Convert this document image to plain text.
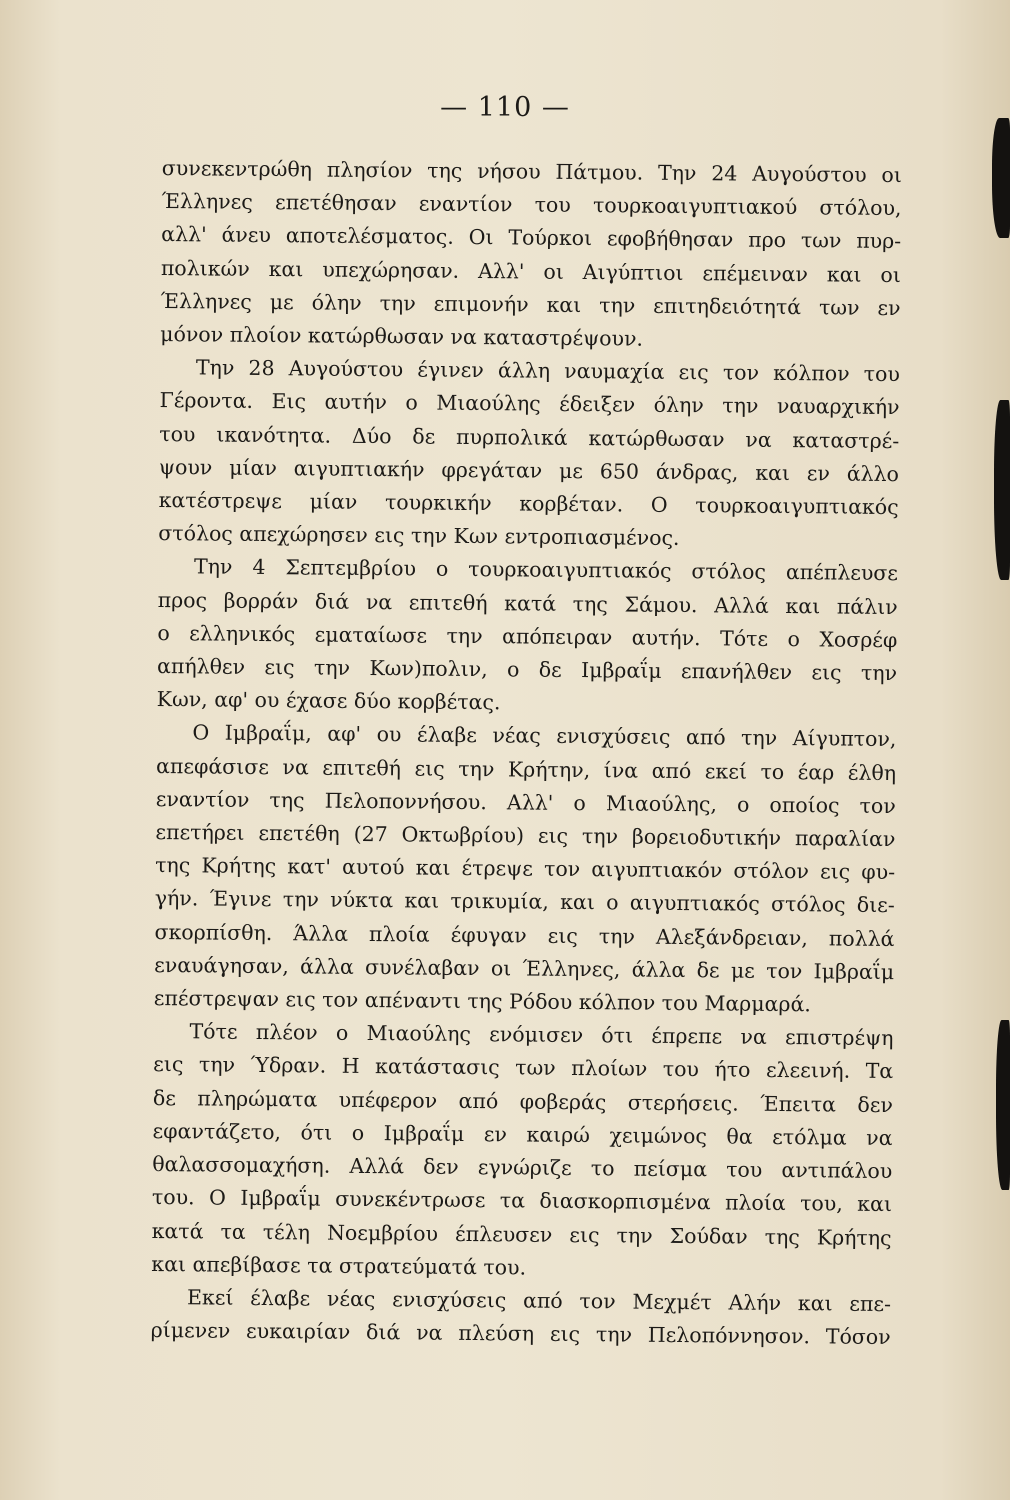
— 110 —
συνεκεντρώθη πλησίον της νήσου Πάτμου. Την 24 Αυγούστου οι
Έλληνες επετέθησαν εναντίον του τουρκοαιγυπτιακού στόλου,
αλλ' άνευ αποτελέσματος. Οι Τούρκοι εφοβήθησαν προ των πυρ-
πολικών και υπεχώρησαν. Αλλ' οι Αιγύπτιοι επέμειναν και οι
Έλληνες με όλην την επιμονήν και την επιτηδειότητά των εν
μόνον πλοίον κατώρθωσαν να καταστρέψουν.
Την 28 Αυγούστου έγινεν άλλη ναυμαχία εις τον κόλπον του
Γέροντα. Εις αυτήν ο Μιαούλης έδειξεν όλην την ναυαρχικήν
του ικανότητα. Δύο δε πυρπολικά κατώρθωσαν να καταστρέ-
ψουν μίαν αιγυπτιακήν φρεγάταν με 650 άνδρας, και εν άλλο
κατέστρεψε μίαν τουρκικήν κορβέταν. Ο τουρκοαιγυπτιακός
στόλος απεχώρησεν εις την Κων εντροπιασμένος.
Την 4 Σεπτεμβρίου ο τουρκοαιγυπτιακός στόλος απέπλευσε
προς βορράν διά να επιτεθή κατά της Σάμου. Αλλά και πάλιν
ο ελληνικός εματαίωσε την απόπειραν αυτήν. Τότε ο Χοσρέφ
απήλθεν εις την Κων)πολιν, ο δε Ιμβραΐμ επανήλθεν εις την
Κων, αφ' ου έχασε δύο κορβέτας.
Ο Ιμβραΐμ, αφ' ου έλαβε νέας ενισχύσεις από την Αίγυπτον,
απεφάσισε να επιτεθή εις την Κρήτην, ίνα από εκεί το έαρ έλθη
εναντίον της Πελοποννήσου. Αλλ' ο Μιαούλης, ο οποίος τον
επετήρει επετέθη (27 Οκτωβρίου) εις την βορειοδυτικήν παραλίαν
της Κρήτης κατ' αυτού και έτρεψε τον αιγυπτιακόν στόλον εις φυ-
γήν. Έγινε την νύκτα και τρικυμία, και ο αιγυπτιακός στόλος διε-
σκορπίσθη. Άλλα πλοία έφυγαν εις την Αλεξάνδρειαν, πολλά
εναυάγησαν, άλλα συνέλαβαν οι Έλληνες, άλλα δε με τον Ιμβραΐμ
επέστρεψαν εις τον απέναντι της Ρόδου κόλπον του Μαρμαρά.
Τότε πλέον ο Μιαούλης ενόμισεν ότι έπρεπε να επιστρέψη
εις την Ύδραν. Η κατάστασις των πλοίων του ήτο ελεεινή. Τα
δε πληρώματα υπέφερον από φοβεράς στερήσεις. Έπειτα δεν
εφαντάζετο, ότι ο Ιμβραΐμ εν καιρώ χειμώνος θα ετόλμα να
θαλασσομαχήση. Αλλά δεν εγνώριζε το πείσμα του αντιπάλου
του. Ο Ιμβραΐμ συνεκέντρωσε τα διασκορπισμένα πλοία του, και
κατά τα τέλη Νοεμβρίου έπλευσεν εις την Σούδαν της Κρήτης
και απεβίβασε τα στρατεύματά του.
Εκεί έλαβε νέας ενισχύσεις από τον Μεχμέτ Αλήν και επε-
ρίμενεν ευκαιρίαν διά να πλεύση εις την Πελοπόννησον. Τόσον
